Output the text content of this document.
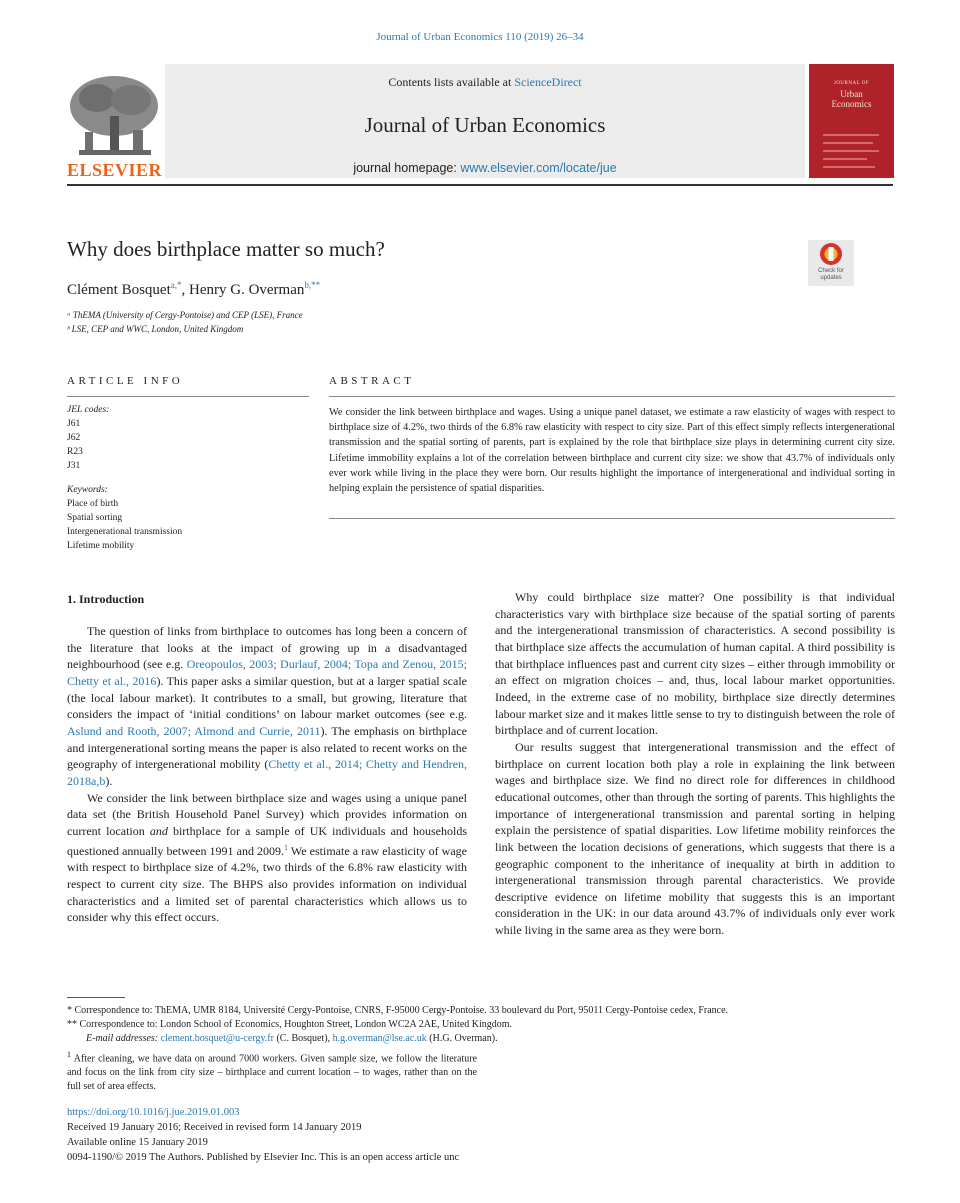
Journal of Urban Economics 110 (2019) 26–34
ELSEVIER
Contents lists available at ScienceDirect
Journal of Urban Economics
journal homepage: www.elsevier.com/locate/jue
JOURNAL OF
Urban
Economics
Why does birthplace matter so much?
Clément Bosquet$^{a,*}$, Henry G. Overman$^{b,**}$
ᵃ ThEMA (University of Cergy-Pontoise) and CEP (LSE), France
ᵇ LSE, CEP and WWC, London, United Kingdom
Check for updates
ARTICLE INFO
JEL codes:
J61
J62
R23
J31
Keywords:
Place of birth
Spatial sorting
Intergenerational transmission
Lifetime mobility
ABSTRACT
We consider the link between birthplace and wages. Using a unique panel dataset, we estimate a raw elasticity of wages with respect to birthplace size of 4.2%, two thirds of the 6.8% raw elasticity with respect to city size. Part of this effect simply reflects intergenerational transmission and the spatial sorting of parents, part is explained by the role that birthplace size plays in determining current city size. Lifetime immobility explains a lot of the correlation between birthplace and current city size: we show that 43.7% of individuals only ever work while living in the place they were born. Our results highlight the importance of intergenerational and individual sorting in helping explain the persistence of spatial disparities.
1. Introduction

The question of links from birthplace to outcomes has long been a concern of the literature that looks at the impact of growing up in a disadvantaged neighbourhood (see e.g. Oreopoulos, 2003; Durlauf, 2004; Topa and Zenou, 2015; Chetty et al., 2016). This paper asks a similar question, but at a larger spatial scale (the local labour market). It contributes to a small, but growing, literature that considers the impact of ‘initial conditions’ on labour market outcomes (see e.g. Aslund and Rooth, 2007; Almond and Currie, 2011). The emphasis on birthplace and intergenerational sorting means the paper is also related to recent works on the geography of intergenerational mobility (Chetty et al., 2014; Chetty and Hendren, 2018a,b).

We consider the link between birthplace size and wages using a unique panel data set (the British Household Panel Survey) which provides information on current location and birthplace for a sample of UK individuals and households questioned annually between 1991 and 2009.$^1$ We estimate a raw elasticity of wage with respect to birthplace size of 4.2%, two thirds of the 6.8% raw elasticity with respect to current city size. The BHPS also provides information on individual characteristics and a limited set of parental characteristics which allows us to consider why this effect occurs.

Why could birthplace size matter? One possibility is that individual characteristics vary with birthplace size because of the spatial sorting of parents and the intergenerational transmission of characteristics. A second possibility is that birthplace size affects the accumulation of human capital. A third possibility is that birthplace influences past and current city sizes – either through immobility or an effect on migration choices – and, thus, local labour market opportunities. Indeed, in the extreme case of no mobility, birthplace size directly determines labour market size and it makes little sense to try to distinguish between the role of birthplace and of current location.

Our results suggest that intergenerational transmission and the effect of birthplace on current location both play a role in explaining the link between wages and birthplace size. We find no direct role for differences in childhood educational outcomes, other than through the sorting of parents. This highlights the importance of intergenerational transmission and parental sorting in helping explain the persistence of spatial disparities. Low lifetime mobility reinforces the link between the location decisions of generations, which suggests that there is a geographic component to the inheritance of inequality at birth in addition to intergenerational transmission through parental characteristics. We provide descriptive evidence on lifetime mobility that suggests this is an important consideration in the UK: in our data around 43.7% of individuals only ever work while living in the same area as they were born.

* Correspondence to: ThEMA, UMR 8184, Université Cergy-Pontoise, CNRS, F-95000 Cergy-Pontoise. 33 boulevard du Port, 95011 Cergy-Pontoise cedex, France.
** Correspondence to: London School of Economics, Houghton Street, London WC2A 2AE, United Kingdom.
E-mail addresses: clement.bosquet@u-cergy.fr (C. Bosquet), h.g.overman@lse.ac.uk (H.G. Overman).
$^1$ After cleaning, we have data on around 7000 workers. Given sample size, we follow the literature and focus on the link from city size – birthplace and current location – to wages, rather than on the full set of area effects.
https://doi.org/10.1016/j.jue.2019.01.003
Received 19 January 2016; Received in revised form 14 January 2019
Available online 15 January 2019
0094-1190/© 2019 The Authors. Published by Elsevier Inc. This is an open access article unc
